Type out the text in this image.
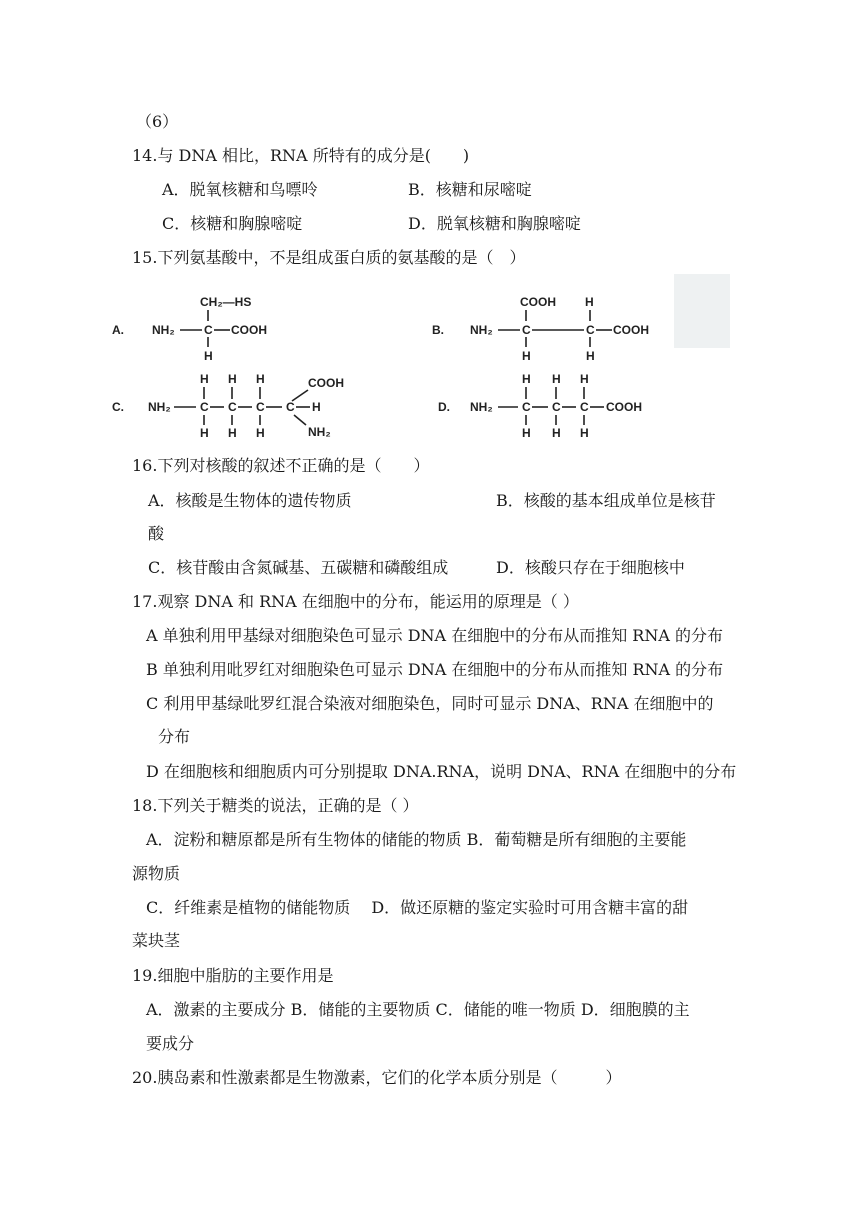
（6）
14.与 DNA 相比，RNA 所特有的成分是(　　)
A．脱氧核糖和鸟嘌呤	B．核糖和尿嘧啶
C．核糖和胸腺嘧啶	D．脱氧核糖和胸腺嘧啶
15.下列氨基酸中，不是组成蛋白质的氨基酸的是（　）
A.
CH₂—HS
NH₂ C COOH
H
B.
COOH H
NH₂ C	C COOH
H	H
C.
H H H	COOH
NH₂ C C C C H
H H H	NH₂
D.
H H H
NH₂ C C C COOH
H H H
16.下列对核酸的叙述不正确的是（　　）
A．核酸是生物体的遗传物质	B．核酸的基本组成单位是核苷
酸
C．核苷酸由含氮碱基、五碳糖和磷酸组成	D．核酸只存在于细胞核中
17.观察 DNA 和 RNA 在细胞中的分布，能运用的原理是（ ）
A 单独利用甲基绿对细胞染色可显示 DNA 在细胞中的分布从而推知 RNA 的分布
B 单独利用吡罗红对细胞染色可显示 DNA 在细胞中的分布从而推知 RNA 的分布
C 利用甲基绿吡罗红混合染液对细胞染色，同时可显示 DNA、RNA 在细胞中的
分布
D 在细胞核和细胞质内可分别提取 DNA.RNA，说明 DNA、RNA 在细胞中的分布
18.下列关于糖类的说法，正确的是（ ）
A．淀粉和糖原都是所有生物体的储能的物质 B．葡萄糖是所有细胞的主要能
源物质
C．纤维素是植物的储能物质　 D．做还原糖的鉴定实验时可用含糖丰富的甜
菜块茎
19.细胞中脂肪的主要作用是
A．激素的主要成分 B．储能的主要物质 C．储能的唯一物质 D．细胞膜的主
要成分
20.胰岛素和性激素都是生物激素，它们的化学本质分别是（　　　）
